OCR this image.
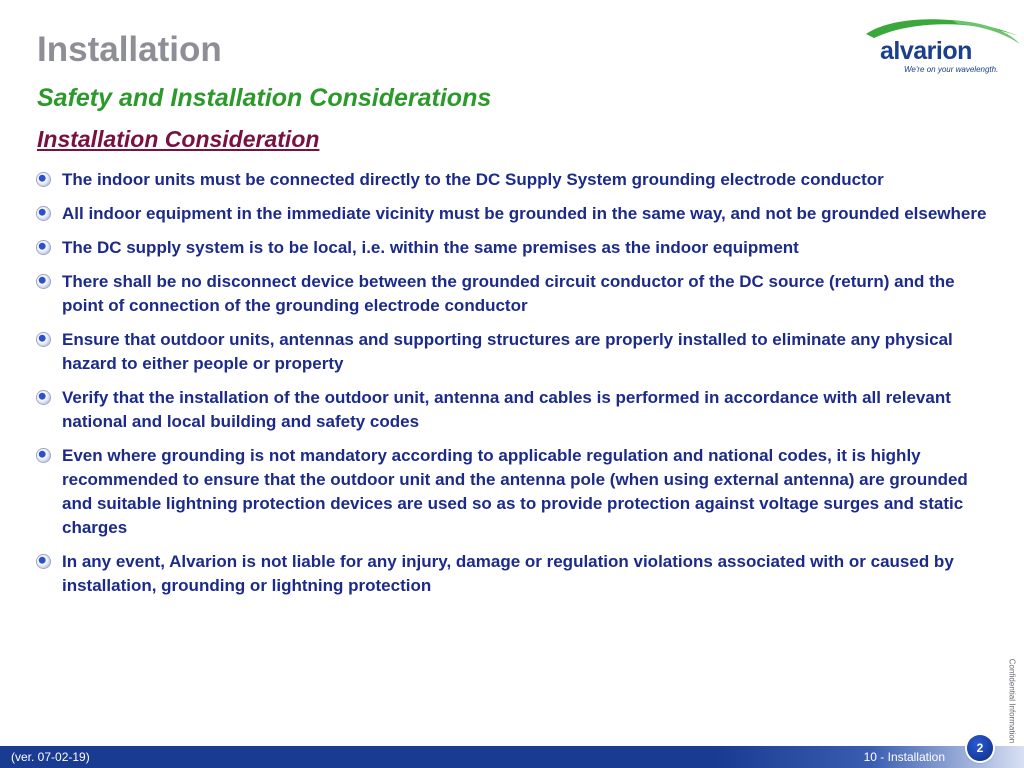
Installation
Safety and Installation Considerations
Installation Consideration
alvarion
We're on your wavelength.
The indoor units must be connected directly to the DC Supply System grounding electrode conductor
All indoor equipment in the immediate vicinity must be grounded in the same way, and not be grounded elsewhere
The DC supply system is to be local, i.e. within the same premises as the indoor equipment
There shall be no disconnect device between the grounded circuit conductor of the DC source (return) and the point of connection of the grounding electrode conductor
Ensure that outdoor units, antennas and supporting structures are properly installed to eliminate any physical hazard to either people or property
Verify that the installation of the outdoor unit, antenna and cables is performed in accordance with all relevant national and local building and safety codes
Even where grounding is not mandatory according to applicable regulation and national codes, it is highly recommended to ensure that the outdoor unit and the antenna pole (when using external antenna) are grounded and suitable lightning protection devices are used so as to provide protection against voltage surges and static charges
In any event, Alvarion is not liable for any injury, damage or regulation violations associated with or caused by installation, grounding or lightning protection
Confidential Information
(ver. 07-02-19)	10 - Installation
2
